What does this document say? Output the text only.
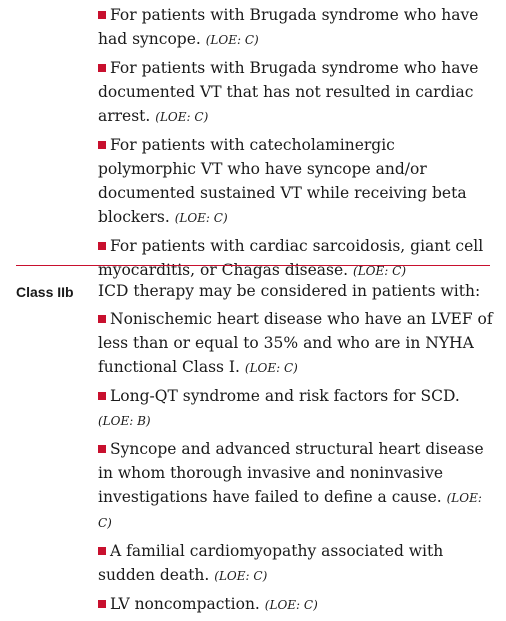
For patients with Brugada syndrome who have had syncope. (LOE: C)
For patients with Brugada syndrome who have documented VT that has not resulted in cardiac arrest. (LOE: C)
For patients with catecholaminergic polymorphic VT who have syncope and/or documented sustained VT while receiving beta blockers. (LOE: C)
For patients with cardiac sarcoidosis, giant cell myocarditis, or Chagas disease. (LOE: C)
Class IIb ICD therapy may be considered in patients with:
Nonischemic heart disease who have an LVEF of less than or equal to 35% and who are in NYHA functional Class I. (LOE: C)
Long-QT syndrome and risk factors for SCD. (LOE: B)
Syncope and advanced structural heart disease in whom thorough invasive and noninvasive investigations have failed to define a cause. (LOE: C)
A familial cardiomyopathy associated with sudden death. (LOE: C)
LV noncompaction. (LOE: C)
